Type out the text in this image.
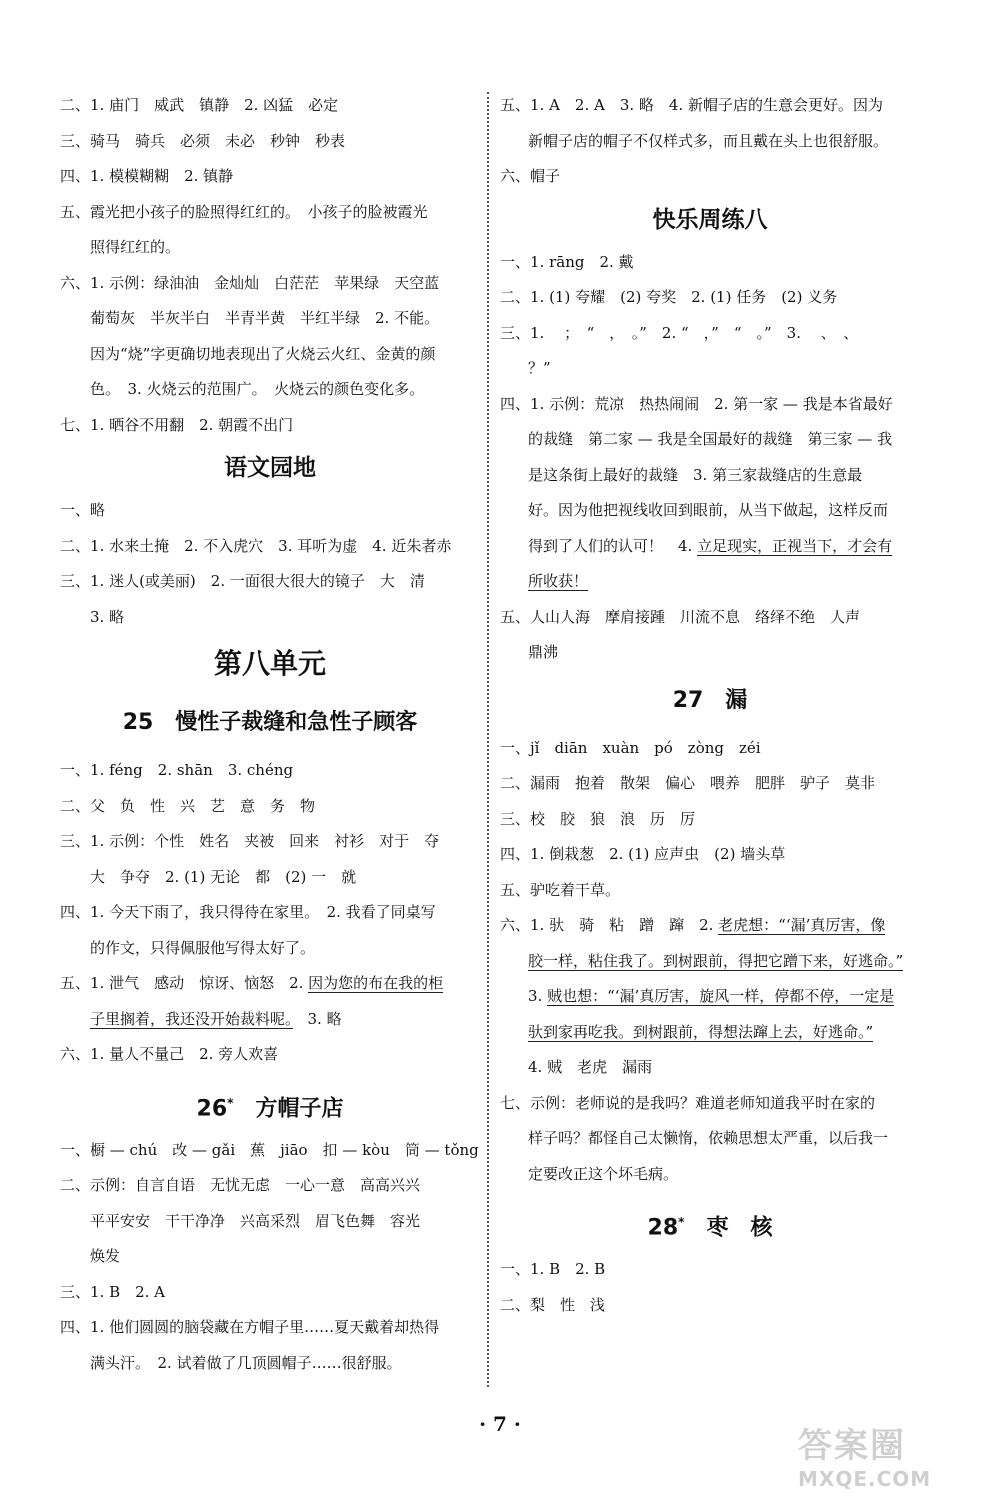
二、1. 庙门　威武　镇静　2. 凶猛　必定
三、骑马　骑兵　必须　未必　秒钟　秒表
四、1. 模模糊糊　2. 镇静
五、霞光把小孩子的脸照得红红的。　小孩子的脸被霞光
照得红红的。
六、1. 示例：绿油油　金灿灿　白茫茫　苹果绿　天空蓝
葡萄灰　半灰半白　半青半黄　半红半绿　2. 不能。
因为“烧”字更确切地表现出了火烧云火红、金黄的颜
色。　3. 火烧云的范围广。　火烧云的颜色变化多。
七、1. 晒谷不用翻　2. 朝霞不出门
语文园地
一、略
二、1. 水来土掩　2. 不入虎穴　3. 耳听为虚　4. 近朱者赤
三、1. 迷人(或美丽)　2. 一面很大很大的镜子　大　清
3. 略
第八单元
25　慢性子裁缝和急性子顾客
一、1. féng　2. shān　3. chéng
二、父　负　性　兴　艺　意　务　物
三、1. 示例：个性　姓名　夹被　回来　衬衫　对于　夺
大　争夺　2. (1) 无论　都　(2) 一　就
四、1. 今天下雨了，我只得待在家里。　2. 我看了同桌写
的作文，只得佩服他写得太好了。
五、1. 泄气　感动　惊讶、恼怒　2. 因为您的布在我的柜
子里搁着，我还没开始裁料呢。　3. 略
六、1. 量人不量己　2. 旁人欢喜
26*　方帽子店
一、橱 — chú　改 — gǎi　蕉　jiāo　扣 — kòu　筒 — tǒng
二、示例：自言自语　无忧无虑　一心一意　高高兴兴
平平安安　干干净净　兴高采烈　眉飞色舞　容光
焕发
三、1. B　2. A
四、1. 他们圆圆的脑袋藏在方帽子里……夏天戴着却热得
满头汗。　2. 试着做了几顶圆帽子……很舒服。
五、1. A　2. A　3. 略　4. 新帽子店的生意会更好。因为
新帽子店的帽子不仅样式多，而且戴在头上也很舒服。
六、帽子
快乐周练八
一、1. rāng　2. 戴
二、1. (1) 夸耀　(2) 夸奖　2. (1) 任务　(2) 义务
三、1. 　；　“　，　。”　2. “　，”　“　。”　3. 　、　、
？”
四、1. 示例：荒凉　热热闹闹　2. 第一家 — 我是本省最好
的裁缝　第二家 — 我是全国最好的裁缝　第三家 — 我
是这条街上最好的裁缝　3. 第三家裁缝店的生意最
好。因为他把视线收回到眼前，从当下做起，这样反而
得到了人们的认可！　4. 立足现实，正视当下，才会有
所收获！
五、人山人海　摩肩接踵　川流不息　络绎不绝　人声
鼎沸
27　漏
一、jǐ　diān　xuàn　pó　zòng　zéi
二、漏雨　抱着　散架　偏心　喂养　肥胖　驴子　莫非
三、校　胶　狼　浪　历　厉
四、1. 倒栽葱　2. (1) 应声虫　(2) 墙头草
五、驴吃着干草。
六、1. 驮　骑　粘　蹭　蹿　2. 老虎想：“‘漏’真厉害，像
胶一样，粘住我了。到树跟前，得把它蹭下来，好逃命。”
3. 贼也想：“‘漏’真厉害，旋风一样，停都不停，一定是
驮到家再吃我。到树跟前，得想法蹿上去，好逃命。”
4. 贼　老虎　漏雨
七、示例：老师说的是我吗？难道老师知道我平时在家的
样子吗？都怪自己太懒惰，依赖思想太严重，以后我一
定要改正这个坏毛病。
28*　枣　核
一、1. B　2. B
二、梨　性　浅
· 7 ·
答案圈
MXQE.COM
